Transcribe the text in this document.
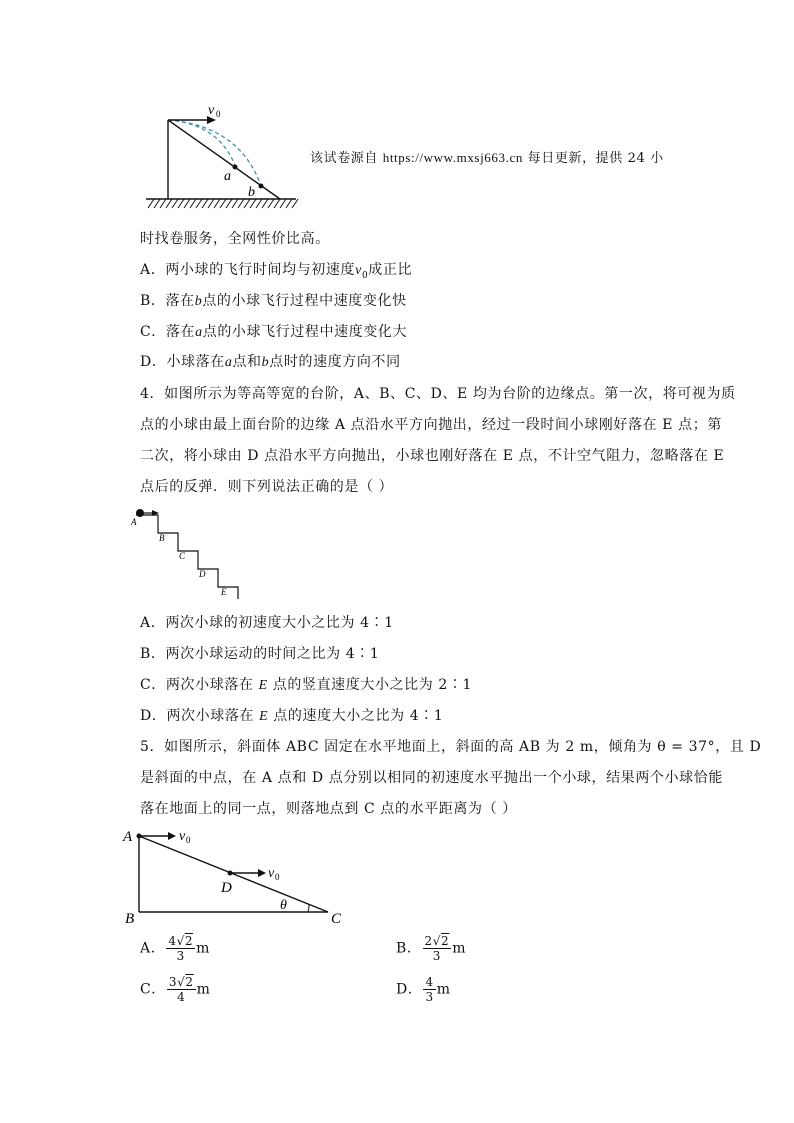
v 0
a
b
该试卷源自 https://www.mxsj663.cn 每日更新，提供 24 小
时找卷服务，全网性价比高。
A．两小球的飞行时间均与初速度$v_0$成正比
B．落在b点的小球飞行过程中速度变化快
C．落在a点的小球飞行过程中速度变化大
D．小球落在a点和b点时的速度方向不同
4．如图所示为等高等宽的台阶，A、B、C、D、E 均为台阶的边缘点。第一次，将可视为质
点的小球由最上面台阶的边缘 A 点沿水平方向抛出，经过一段时间小球刚好落在 E 点；第
二次，将小球由 D 点沿水平方向抛出，小球也刚好落在 E 点，不计空气阻力，忽略落在 E
点后的反弹．则下列说法正确的是（ ）
A
B
C
D
E
A．两次小球的初速度大小之比为 4∶1
B．两次小球运动的时间之比为 4∶1
C．两次小球落在 E 点的竖直速度大小之比为 2∶1
D．两次小球落在 E 点的速度大小之比为 4∶1
5．如图所示，斜面体 ABC 固定在水平地面上，斜面的高 AB 为 2 m，倾角为 θ = 37°，且 D
是斜面的中点，在 A 点和 D 点分别以相同的初速度水平抛出一个小球，结果两个小球恰能
落在地面上的同一点，则落地点到 C 点的水平距离为（ ）
A
B	C
D
θ
v 0
v 0
A． $\frac{4√2}{3}$ m	B． $\frac{2√2}{3}$ m
C． $\frac{3√2}{4}$ m	D． $\frac{4}{3}$ m
